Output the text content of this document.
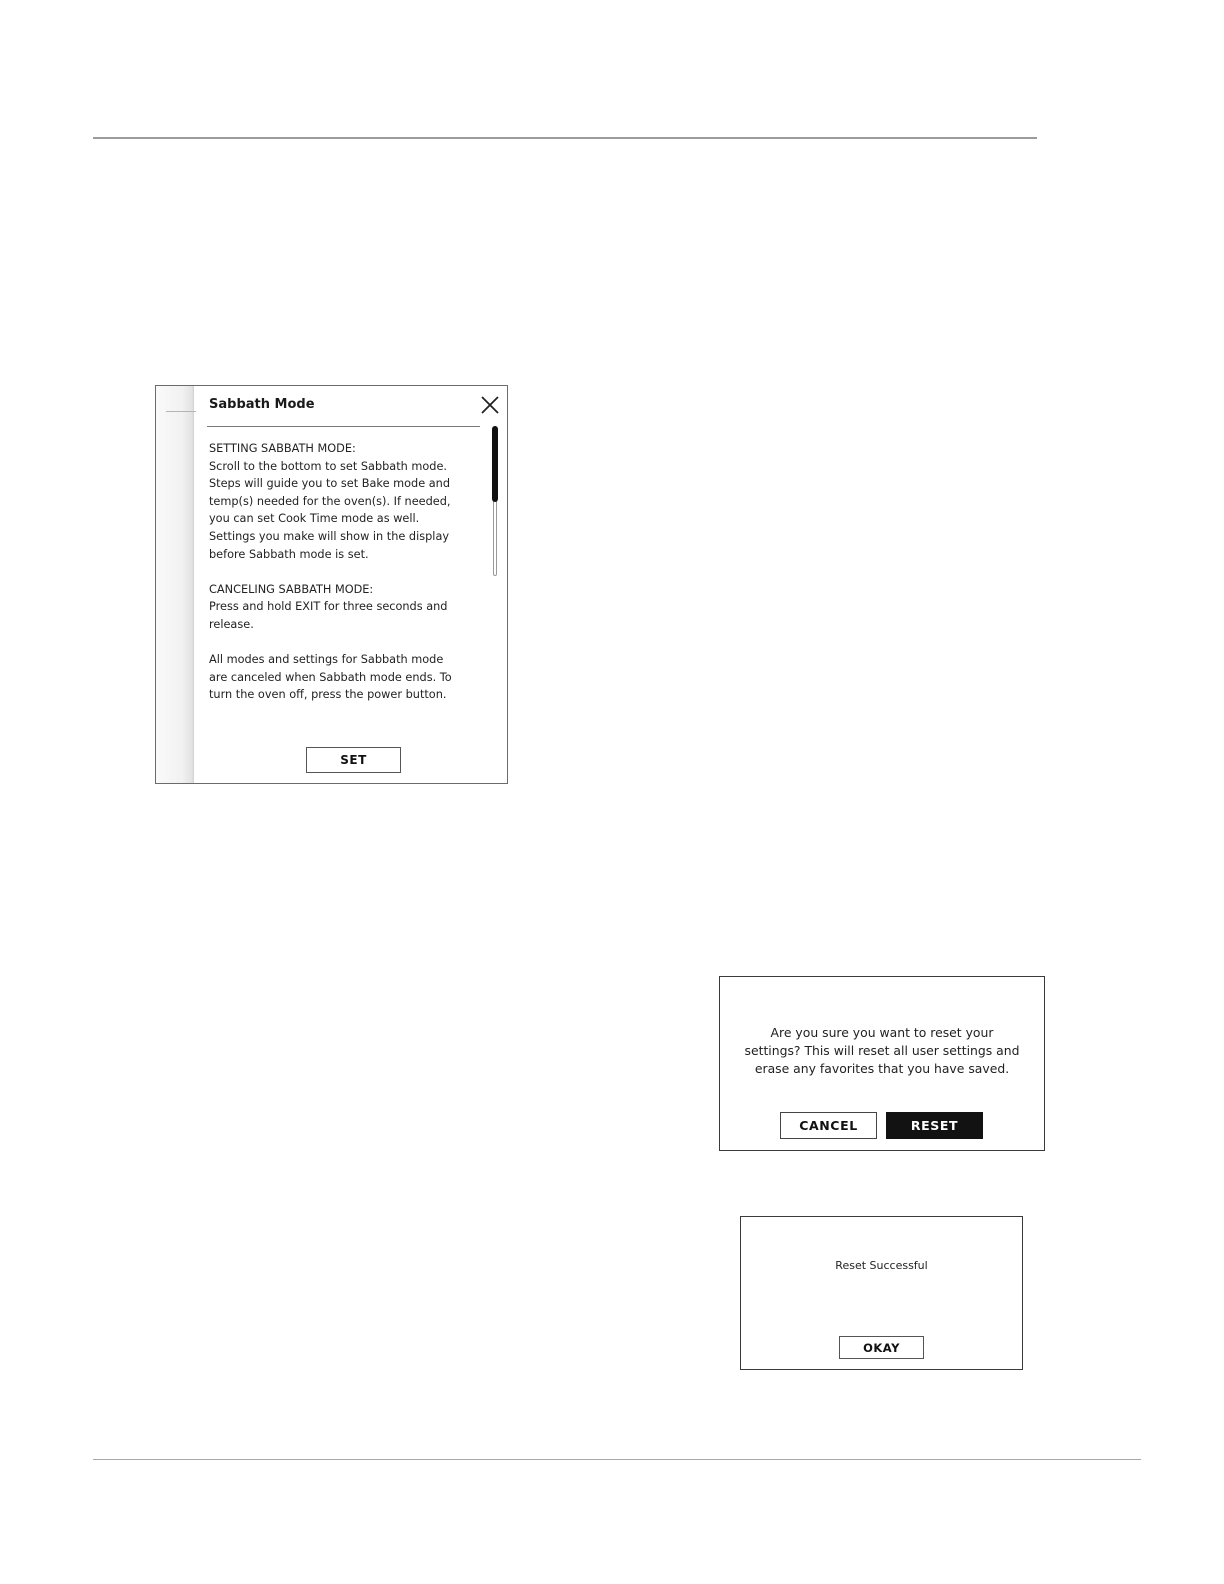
Sabbath Mode

SETTING SABBATH MODE:
Scroll to the bottom to set Sabbath mode.
Steps will guide you to set Bake mode and
temp(s) needed for the oven(s). If needed,
you can set Cook Time mode as well.
Settings you make will show in the display
before Sabbath mode is set.

CANCELING SABBATH MODE:
Press and hold EXIT for three seconds and
release.

All modes and settings for Sabbath mode
are canceled when Sabbath mode ends. To
turn the oven off, press the power button.

SET
Are you sure you want to reset your
settings? This will reset all user settings and
erase any favorites that you have saved.
CANCEL	RESET
Reset Successful
OKAY
